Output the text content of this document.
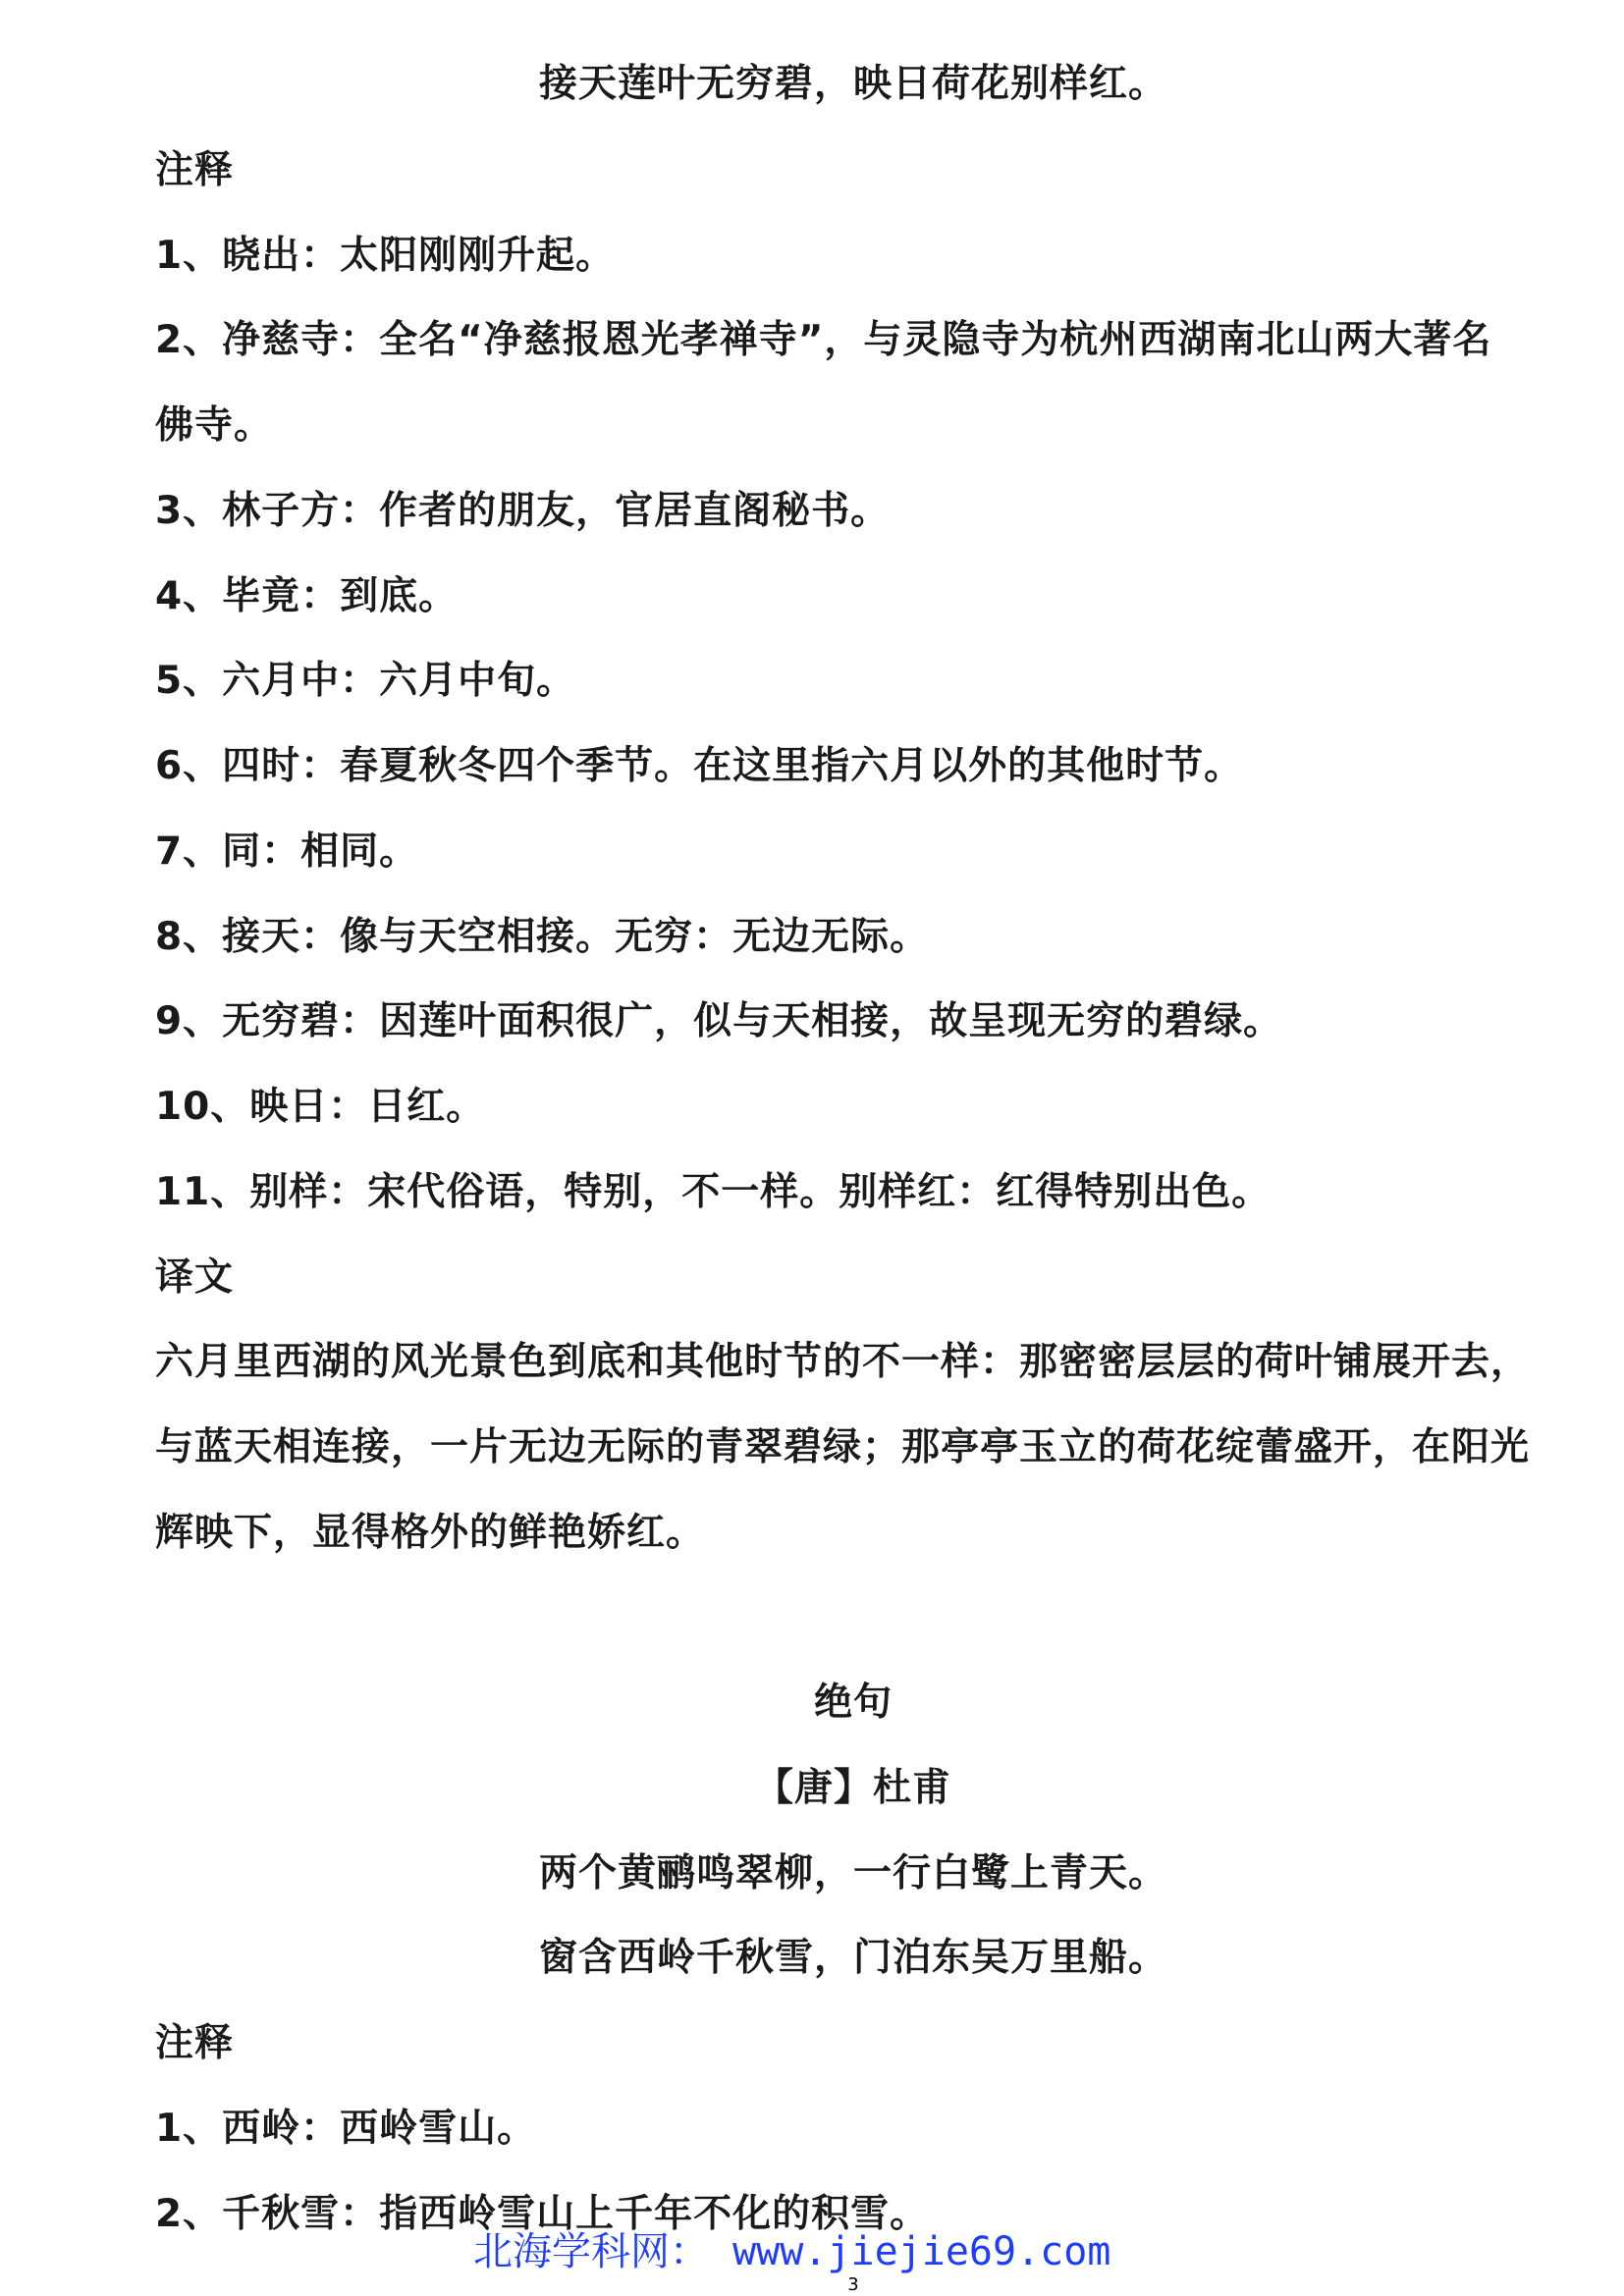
接天莲叶无穷碧，映日荷花别样红。
注释
1、晓出：太阳刚刚升起。
2、净慈寺：全名“净慈报恩光孝禅寺”，与灵隐寺为杭州西湖南北山两大著名
佛寺。
3、林子方：作者的朋友，官居直阁秘书。
4、毕竟：到底。
5、六月中：六月中旬。
6、四时：春夏秋冬四个季节。在这里指六月以外的其他时节。
7、同：相同。
8、接天：像与天空相接。无穷：无边无际。
9、无穷碧：因莲叶面积很广，似与天相接，故呈现无穷的碧绿。
10、映日：日红。
11、别样：宋代俗语，特别，不一样。别样红：红得特别出色。
译文
六月里西湖的风光景色到底和其他时节的不一样：那密密层层的荷叶铺展开去，
与蓝天相连接，一片无边无际的青翠碧绿；那亭亭玉立的荷花绽蕾盛开，在阳光
辉映下，显得格外的鲜艳娇红。
绝句
【唐】杜甫
两个黄鹂鸣翠柳，一行白鹭上青天。
窗含西岭千秋雪，门泊东吴万里船。
注释
1、西岭：西岭雪山。
2、千秋雪：指西岭雪山上千年不化的积雪。
北海学科网： www.jiejie69.com
3
